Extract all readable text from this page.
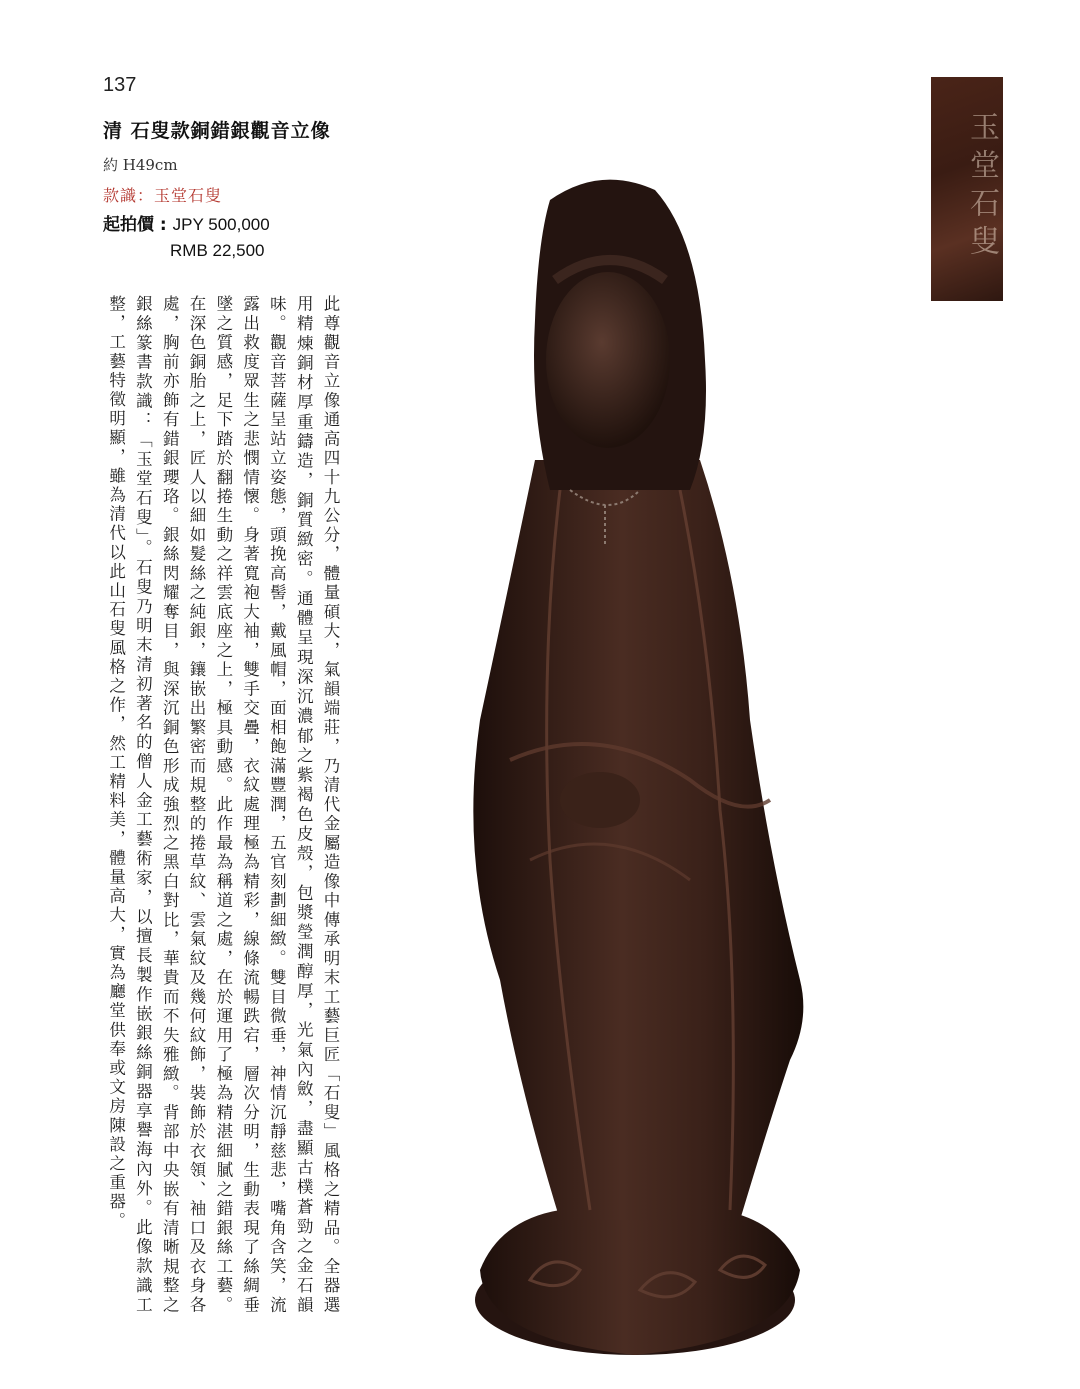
137
清 石叟款銅錯銀觀音立像
約 H49cm
款識：玉堂石叟
起拍價 : JPY 500,000
RMB 22,500
此尊觀音立像通高四十九公分，體量碩大，氣韻端莊，乃清代金屬造像中傳承明末工藝巨匠「石叟」風格之精品。全器選用精煉銅材厚重鑄造，銅質緻密。通體呈現深沉濃郁之紫褐色皮殼，包漿瑩潤醇厚，光氣內斂，盡顯古樸蒼勁之金石韻味。觀音菩薩呈站立姿態，頭挽高髻，戴風帽，面相飽滿豐潤，五官刻劃細緻。雙目微垂，神情沉靜慈悲，嘴角含笑，流露出救度眾生之悲憫情懷。身著寬袍大袖，雙手交疊，衣紋處理極為精彩，線條流暢跌宕，層次分明，生動表現了絲綢垂墜之質感，足下踏於翻捲生動之祥雲底座之上，極具動感。此作最為稱道之處，在於運用了極為精湛細膩之錯銀絲工藝。在深色銅胎之上，匠人以細如髮絲之純銀，鑲嵌出繁密而規整的捲草紋、雲氣紋及幾何紋飾，裝飾於衣領、袖口及衣身各處，胸前亦飾有錯銀瓔珞。銀絲閃耀奪目，與深沉銅色形成強烈之黑白對比，華貴而不失雅緻。背部中央嵌有清晰規整之銀絲篆書款識：「玉堂石叟」。石叟乃明末清初著名的僧人金工藝術家，以擅長製作嵌銀絲銅器享譽海內外。此像款識工整，工藝特徵明顯，雖為清代以此山石叟風格之作，然工精料美，體量高大，實為廳堂供奉或文房陳設之重器。
玉堂石叟
